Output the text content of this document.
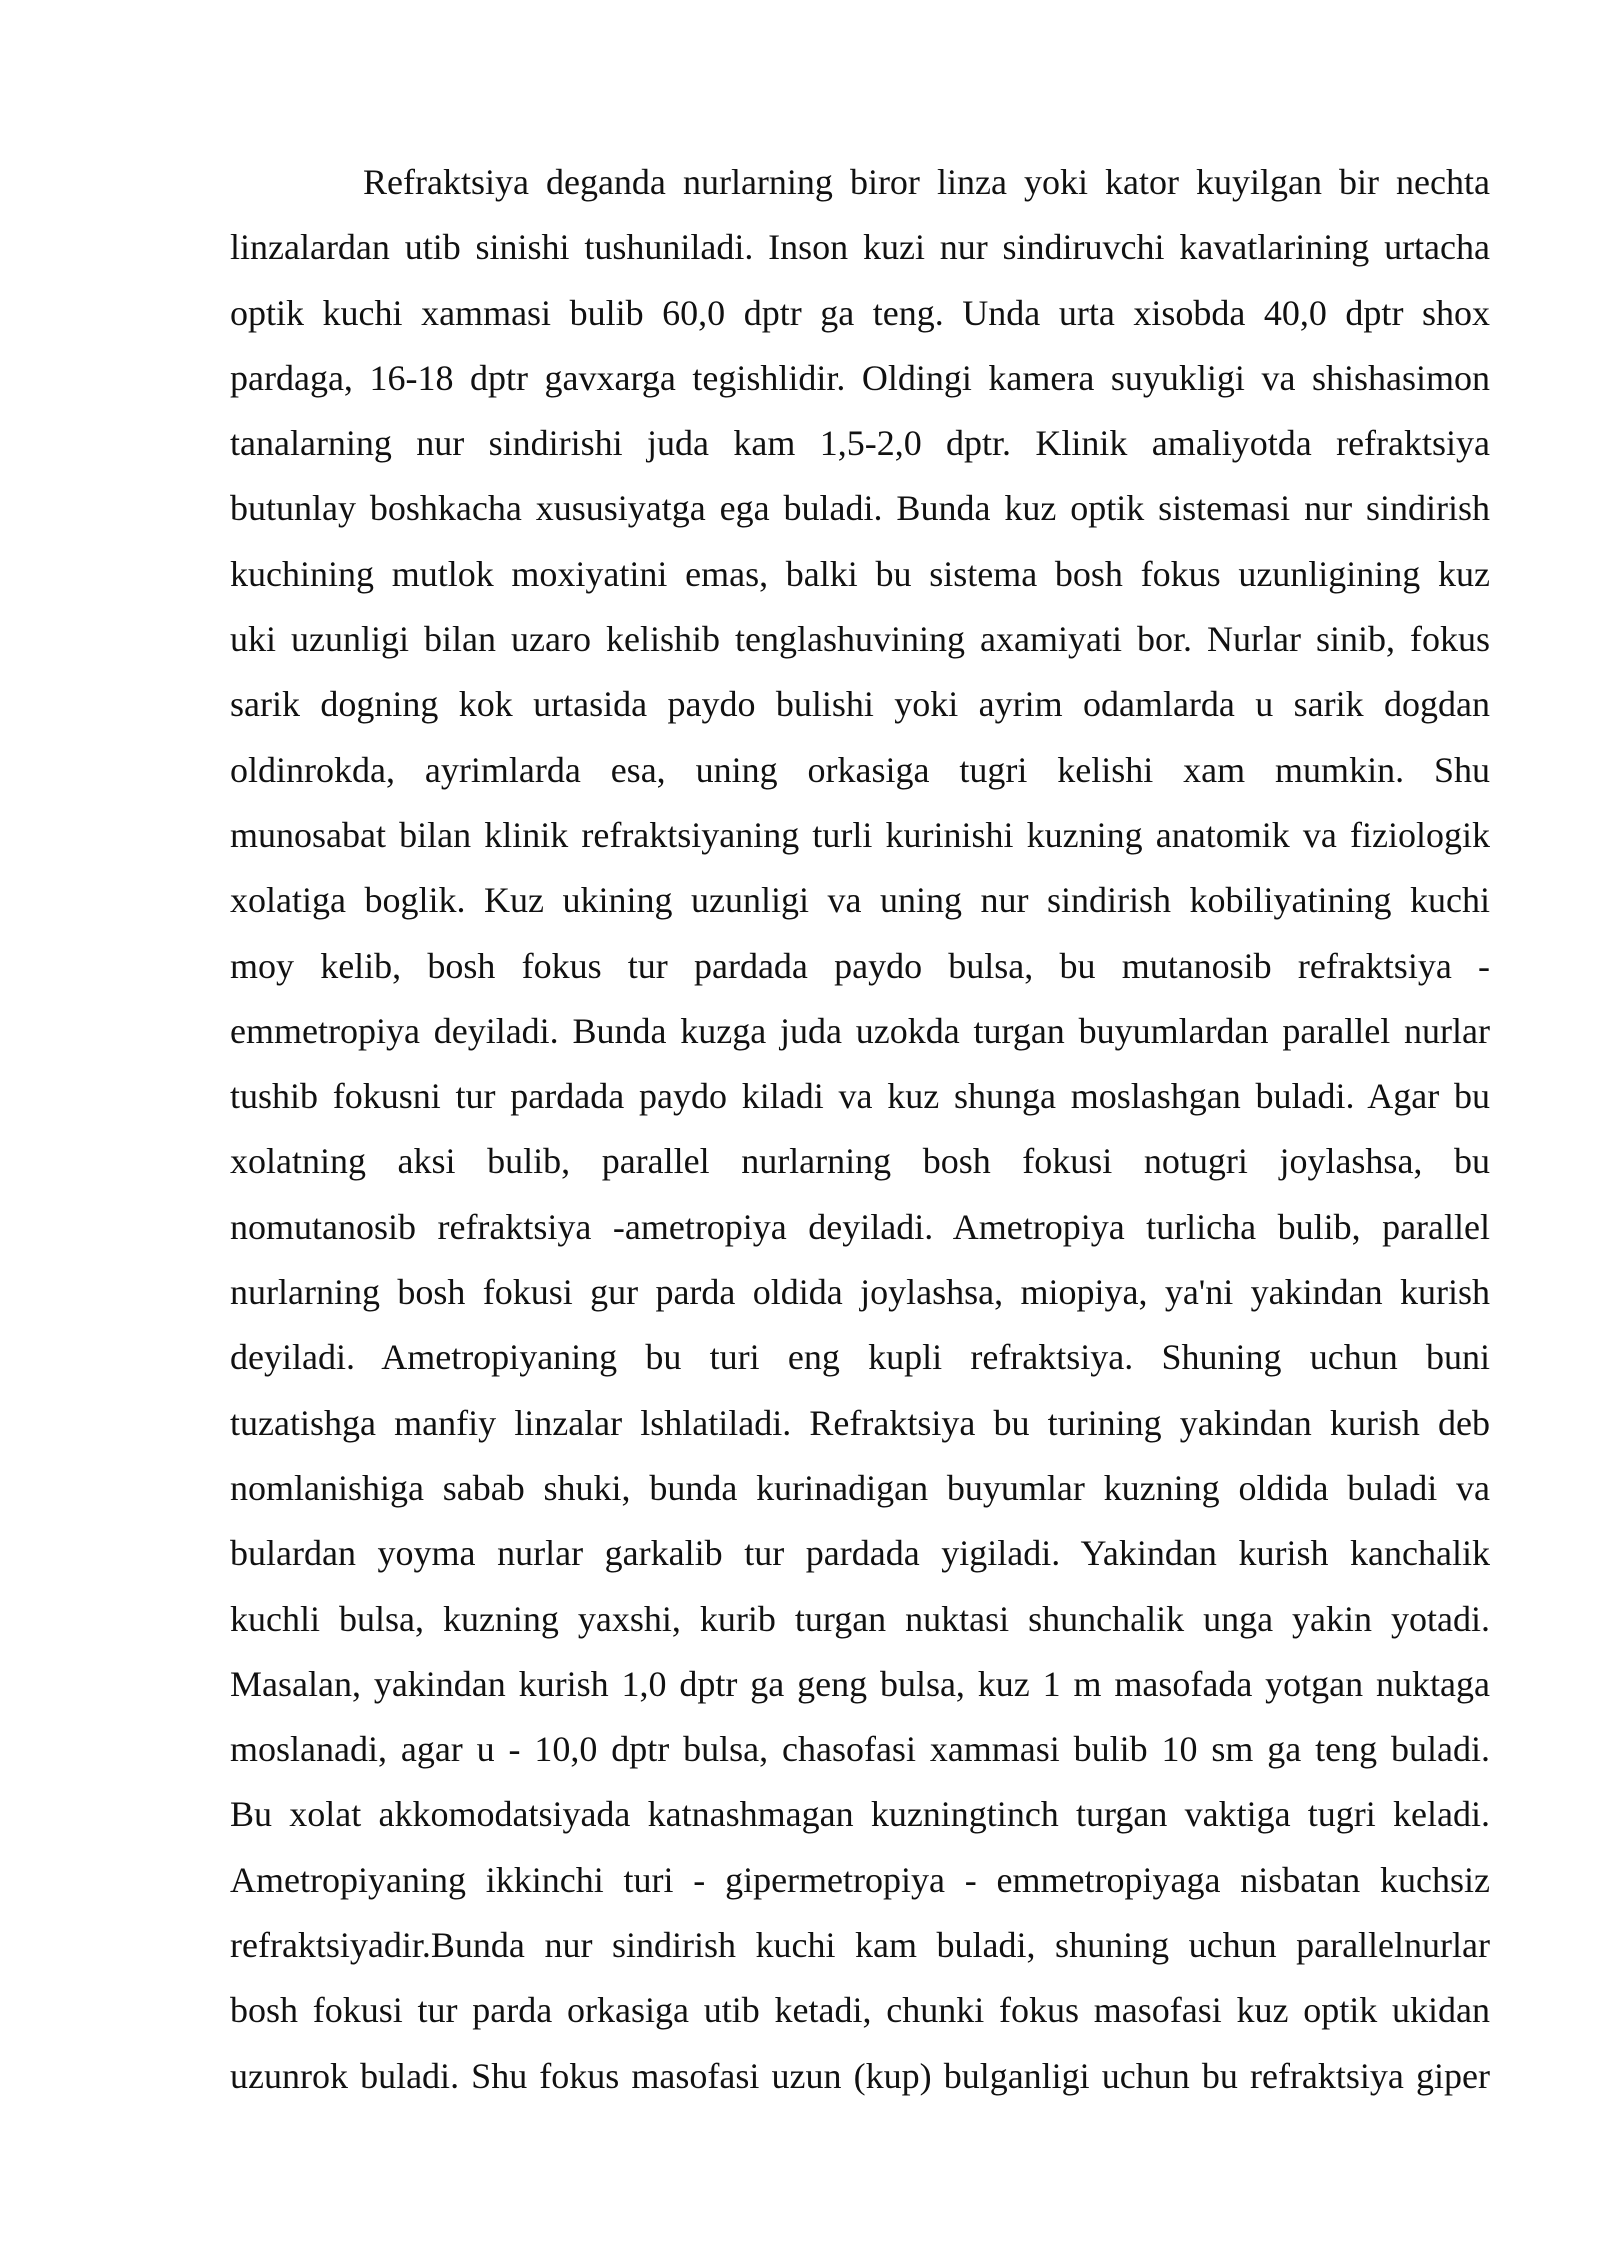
Refraktsiya deganda nurlarning biror linza yoki kator kuyilgan bir nechta
linzalardan utib sinishi tushuniladi. Inson kuzi nur sindiruvchi kavatlarining urtacha
optik kuchi xammasi bulib 60,0 dptr ga teng. Unda urta xisobda 40,0 dptr shox
pardaga, 16-18 dptr gavxarga tegishlidir. Oldingi kamera suyukligi va shishasimon
tanalarning nur sindirishi juda kam 1,5-2,0 dptr. Klinik amaliyotda refraktsiya
butunlay boshkacha xususiyatga ega buladi. Bunda kuz optik sistemasi nur sindirish
kuchining mutlok moxiyatini emas, balki bu sistema bosh fokus uzunligining kuz
uki uzunligi bilan uzaro kelishib tenglashuvining axamiyati bor. Nurlar sinib, fokus
sarik dogning kok urtasida paydo bulishi yoki ayrim odamlarda u sarik dogdan
oldinrokda, ayrimlarda esa, uning orkasiga tugri kelishi xam mumkin. Shu
munosabat bilan klinik refraktsiyaning turli kurinishi kuzning anatomik va fiziologik
xolatiga boglik. Kuz ukining uzunligi va uning nur sindirish kobiliyatining kuchi
moy kelib, bosh fokus tur pardada paydo bulsa, bu mutanosib refraktsiya -
emmetropiya deyiladi. Bunda kuzga juda uzokda turgan buyumlardan parallel nurlar
tushib fokusni tur pardada paydo kiladi va kuz shunga moslashgan buladi. Agar bu
xolatning aksi bulib, parallel nurlarning bosh fokusi notugri joylashsa, bu
nomutanosib refraktsiya -ametropiya deyiladi. Ametropiya turlicha bulib, parallel
nurlarning bosh fokusi gur parda oldida joylashsa, miopiya, ya'ni yakindan kurish
deyiladi. Ametropiyaning bu turi eng kupli refraktsiya. Shuning uchun buni
tuzatishga manfiy linzalar lshlatiladi. Refraktsiya bu turining yakindan kurish deb
nomlanishiga sabab shuki, bunda kurinadigan buyumlar kuzning oldida buladi va
bulardan yoyma nurlar garkalib tur pardada yigiladi. Yakindan kurish kanchalik
kuchli bulsa, kuzning yaxshi, kurib turgan nuktasi shunchalik unga yakin yotadi.
Masalan, yakindan kurish 1,0 dptr ga geng bulsa, kuz 1 m masofada yotgan nuktaga
moslanadi, agar u - 10,0 dptr bulsa, chasofasi xammasi bulib 10 sm ga teng buladi.
Bu xolat akkomodatsiyada katnashmagan kuzningtinch turgan vaktiga tugri keladi.
Ametropiyaning ikkinchi turi - gipermetropiya - emmetropiyaga nisbatan kuchsiz
refraktsiyadir.Bunda nur sindirish kuchi kam buladi, shuning uchun parallelnurlar
bosh fokusi tur parda orkasiga utib ketadi, chunki fokus masofasi kuz optik ukidan
uzunrok buladi. Shu fokus masofasi uzun (kup) bulganligi uchun bu refraktsiya giper
